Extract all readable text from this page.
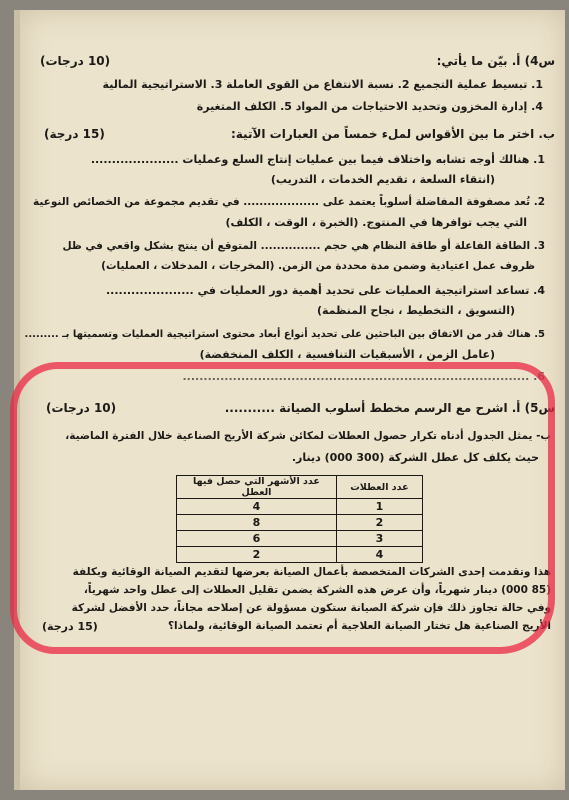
س4) أ. بيّن ما يأتي:
(10 درجات)
1. تبسيط عملية التجميع 2. نسبة الانتفاع من القوى العاملة 3. الاستراتيجية المالية
4. إدارة المخزون وتحديد الاحتياجات من المواد 5. الكلف المتغيرة
ب. اختر ما بين الأقواس لملء خمساً من العبارات الآتية:
(15 درجة)
1. هنالك أوجه تشابه واختلاف فيما بين عمليات إنتاج السلع وعمليات .....................
(انتقاء السلعة ، تقديم الخدمات ، التدريب)
2. تُعد مصفوفة المفاضلة أسلوباً يعتمد على ................... في تقديم مجموعة من الخصائص النوعية
التي يجب توافرها في المنتوج. (الخبرة ، الوقت ، الكلف)
3. الطاقة الفاعلة أو طاقة النظام هي حجم ............... المتوقع أن ينتج بشكل واقعي في ظل
ظروف عمل اعتيادية وضمن مدة محددة من الزمن. (المخرجات ، المدخلات ، العمليات)
4. تساعد استراتيجية العمليات على تحديد أهمية دور العمليات في .....................
(التسويق ، التخطيط ، نجاح المنظمة)
5. هناك قدر من الاتفاق بين الباحثين على تحديد أنواع أبعاد محتوى استراتيجية العمليات وتسميتها بـ .........
(عامل الزمن ، الأسبقيات التنافسية ، الكلف المنخفضة)
6. ...................................................................................
س5) أ. اشرح مع الرسم مخطط أسلوب الصيانة ...........
(10 درجات)
ب- يمثل الجدول أدناه تكرار حصول العطلات لمكائن شركة الأريج الصناعية خلال الفترة الماضية،
حيث يكلف كل عطل الشركة (300 000) دينار.
عدد العطلات	عدد الأشهر التي حصل فيها العطل
1	4
2	8
3	6
4	2
هذا وتقدمت إحدى الشركات المتخصصة بأعمال الصيانة بعرضها لتقديم الصيانة الوقائية وبكلفة
(85 000) دينار شهرياً، وأن عرض هذه الشركة يضمن تقليل العطلات إلى عطل واحد شهرياً،
وفي حالة تجاوز ذلك فإن شركة الصيانة ستكون مسؤولة عن إصلاحه مجاناً، حدد الأفضل لشركة
الأريج الصناعية هل تختار الصيانة العلاجية أم تعتمد الصيانة الوقائية، ولماذا؟
(15 درجة)
